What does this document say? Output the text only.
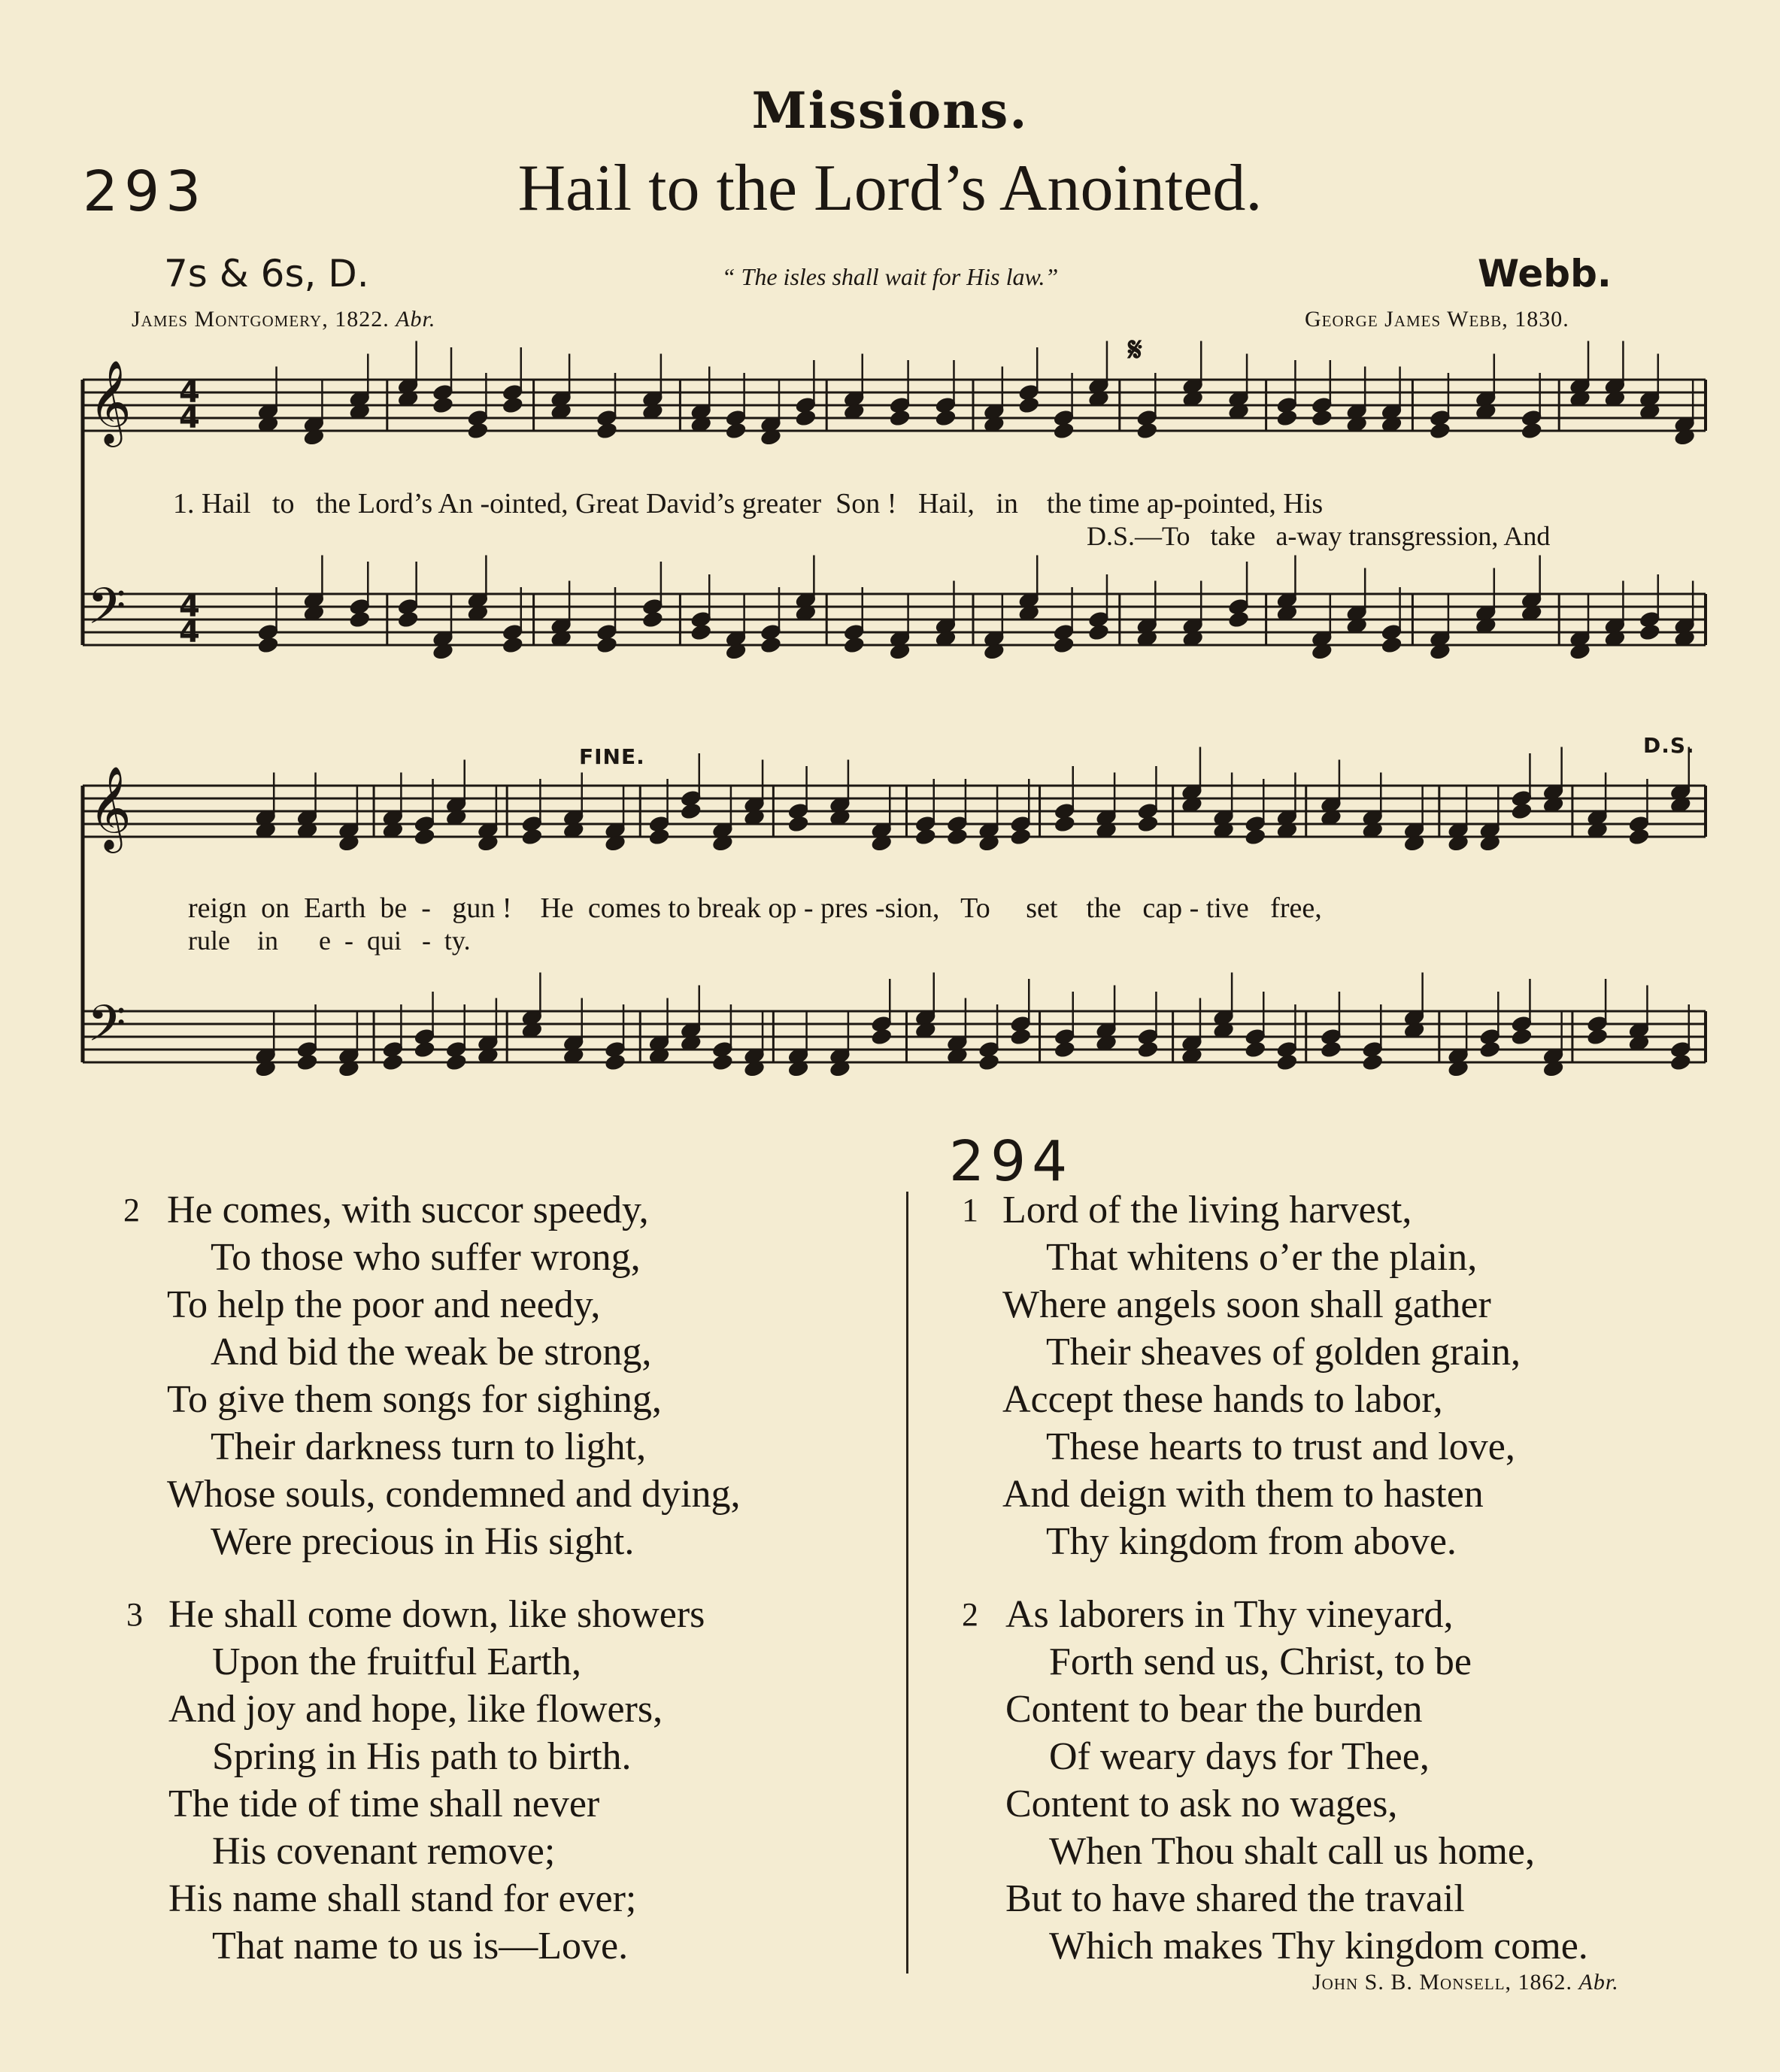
Missions.
293	Hail to the Lord’s Anointed.
7s & 6s, D.	“ The isles shall wait for His law.”	Webb.
James Montgomery, 1822. Abr.	George James Webb, 1830.
𝄞
𝄢
𝄞
𝄢
4
4
4
4
𝄋
FINE.	D.S.
1. Hail   to   the Lord’s An -ointed, Great David’s greater  Son !   Hail,   in    the time ap-pointed, His
D.S.—To   take   a-way transgression, And
reign  on  Earth  be  -   gun !    He  comes to break op - pres -sion,   To     set    the   cap - tive   free,
rule    in      e  -  qui   -  ty.
294
2 He comes, with succor speedy,
To those who suffer wrong,
To help the poor and needy,
And bid the weak be strong,
To give them songs for sighing,
Their darkness turn to light,
Whose souls, condemned and dying,
Were precious in His sight.
3 He shall come down, like showers
Upon the fruitful Earth,
And joy and hope, like flowers,
Spring in His path to birth.
The tide of time shall never
His covenant remove;
His name shall stand for ever;
That name to us is—Love.
1 Lord of the living harvest,
That whitens o’er the plain,
Where angels soon shall gather
Their sheaves of golden grain,
Accept these hands to labor,
These hearts to trust and love,
And deign with them to hasten
Thy kingdom from above.
2 As laborers in Thy vineyard,
Forth send us, Christ, to be
Content to bear the burden
Of weary days for Thee,
Content to ask no wages,
When Thou shalt call us home,
But to have shared the travail
Which makes Thy kingdom come.
John S. B. Monsell, 1862. Abr.
